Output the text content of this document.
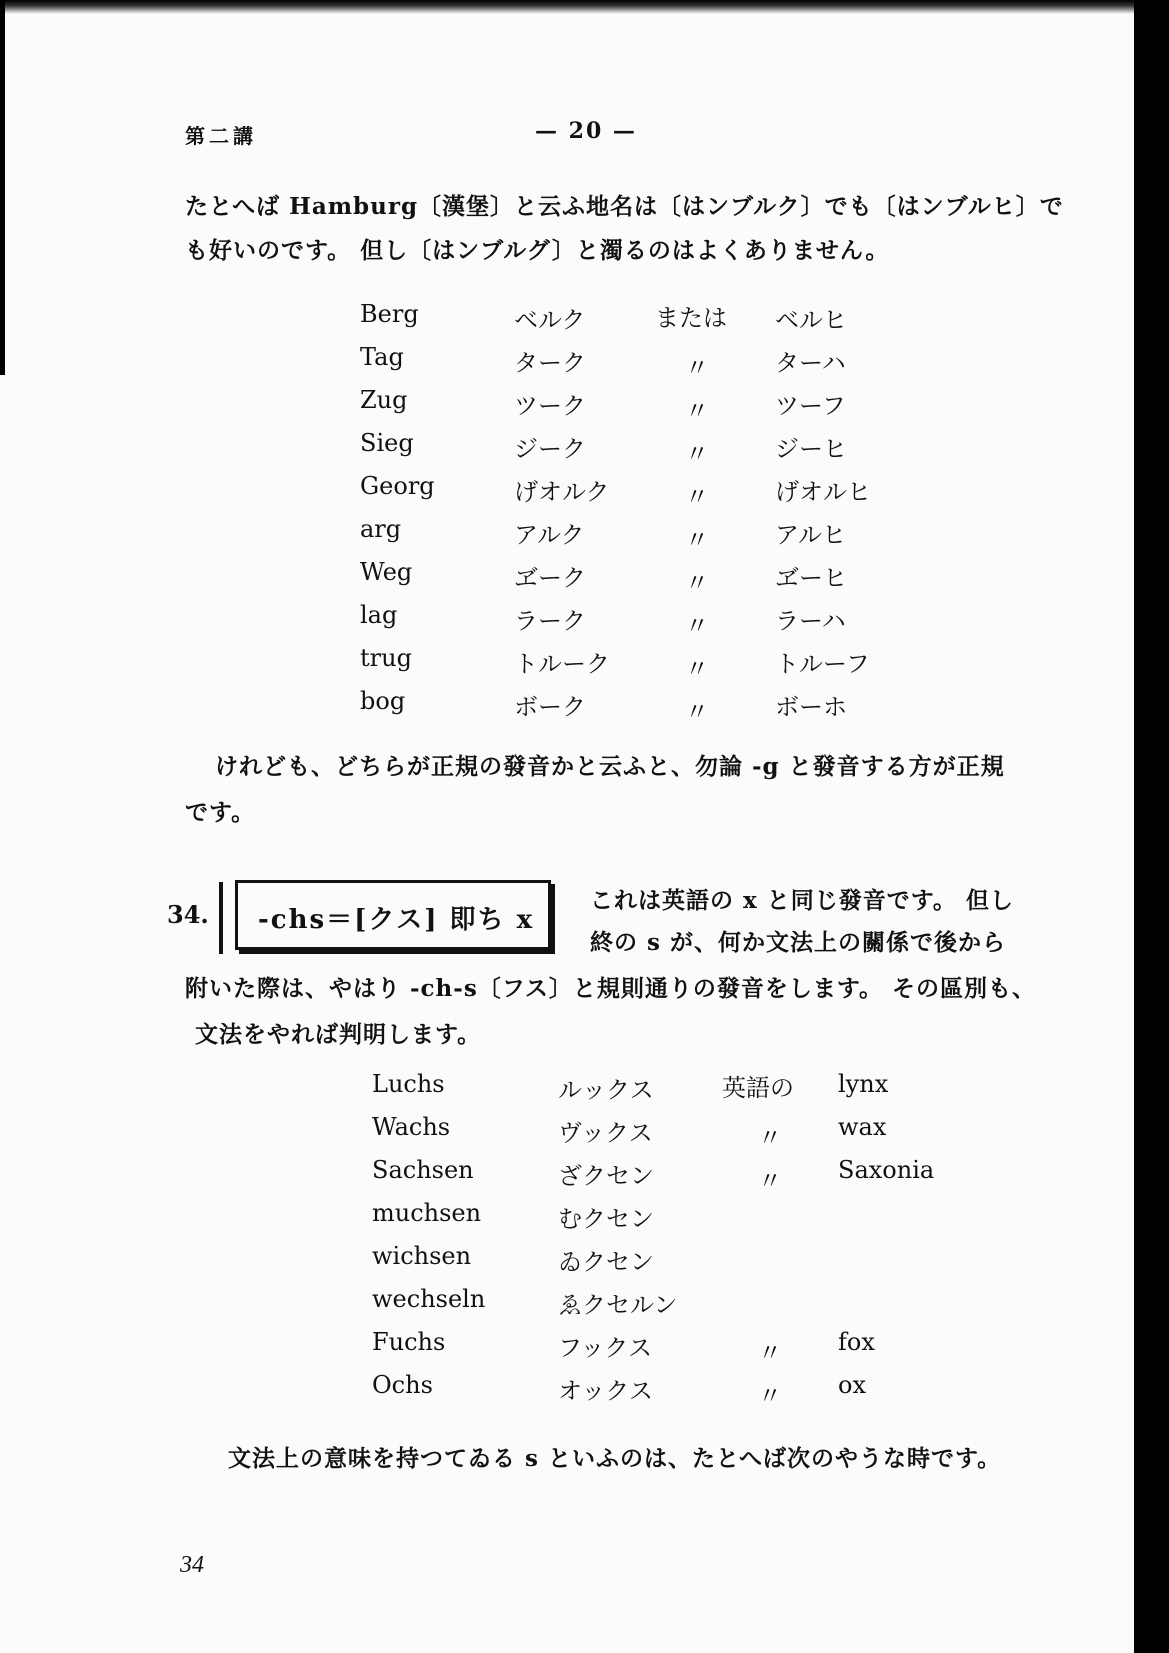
第二講	— 20 —
たとへば Hamburg〔漢堡〕と云ふ地名は〔はンブルク〕でも〔はンブルヒ〕で
も好いのです。 但し〔はンブルグ〕と濁るのはよくありません。
Berg	ベルク	または ベルヒ
Tag	ターク	〃	ターハ
Zug	ツーク	〃	ツーフ
Sieg	ジーク	〃	ジーヒ
Georg	げオルク	〃	げオルヒ
arg	アルク	〃	アルヒ
Weg	ヹーク	〃	ヹーヒ
lag	ラーク	〃	ラーハ
trug	トルーク	〃	トルーフ
bog	ボーク	〃	ボーホ
けれども、どちらが正規の發音かと云ふと、勿論 -g と發音する方が正規
です。
34. -chs＝[クス] 即ち x
これは英語の x と同じ發音です。 但し
終の s が、何か文法上の關係で後から
附いた際は、やはり -ch-s〔フス〕と規則通りの發音をします。 その區別も、
文法をやれば判明します。
Luchs	ルックス	英語の lynx
Wachs	ヴックス	〃 wax
Sachsen	ざクセン	〃 Saxonia
muchsen	むクセン
wichsen	ゐクセン
wechseln	ゑクセルン
Fuchs	フックス	〃 fox
Ochs	オックス	〃 ox
文法上の意味を持つてゐる s といふのは、たとへば次のやうな時です。
34
